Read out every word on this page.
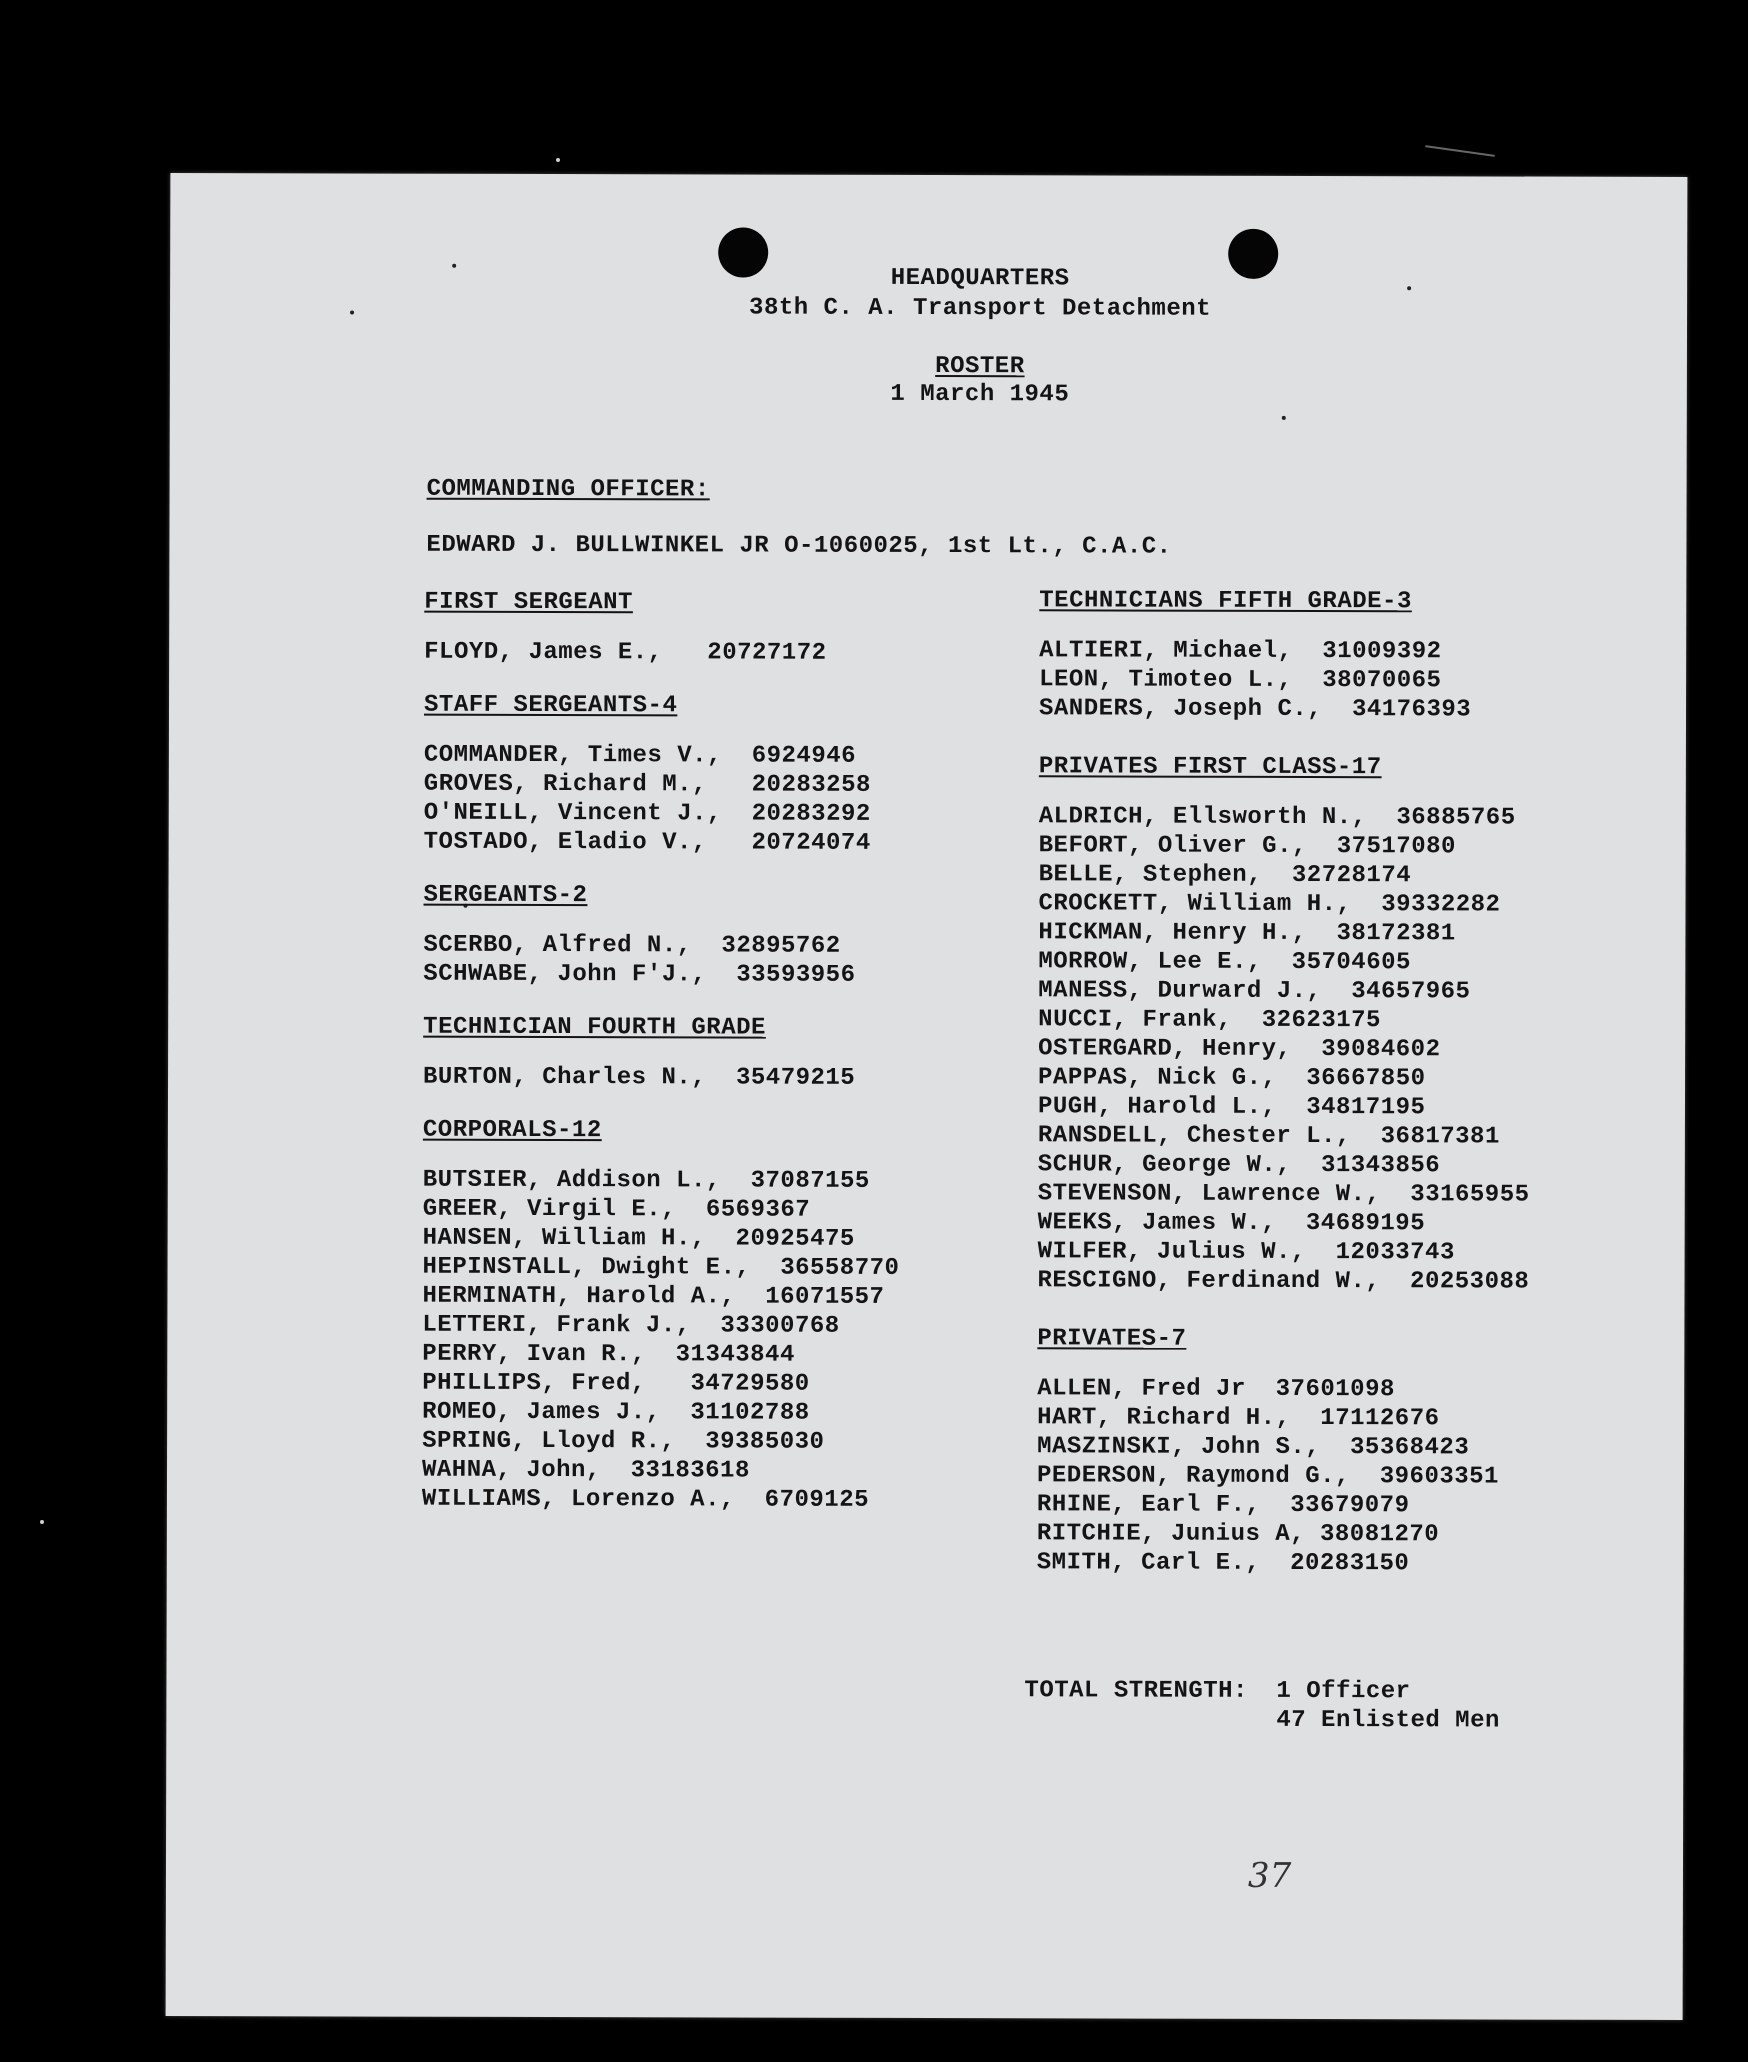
HEADQUARTERS
38th C. A. Transport Detachment
ROSTER
1 March 1945
COMMANDING OFFICER:
EDWARD J. BULLWINKEL JR O-1060025, 1st Lt., C.A.C.
FIRST SERGEANT
FLOYD, James E.,   20727172
STAFF SERGEANTS-4
COMMANDER, Times V.,  6924946
GROVES, Richard M.,   20283258
O'NEILL, Vincent J.,  20283292
TOSTADO, Eladio V.,   20724074
SERGEANTS-2
SCERBO, Alfred N.,  32895762
SCHWABE, John F'J.,  33593956
TECHNICIAN FOURTH GRADE
BURTON, Charles N.,  35479215
CORPORALS-12
BUTSIER, Addison L.,  37087155
GREER, Virgil E.,  6569367
HANSEN, William H.,  20925475
HEPINSTALL, Dwight E.,  36558770
HERMINATH, Harold A.,  16071557
LETTERI, Frank J.,  33300768
PERRY, Ivan R.,  31343844
PHILLIPS, Fred,   34729580
ROMEO, James J.,  31102788
SPRING, Lloyd R.,  39385030
WAHNA, John,  33183618
WILLIAMS, Lorenzo A.,  6709125
TECHNICIANS FIFTH GRADE-3
ALTIERI, Michael,  31009392
LEON, Timoteo L.,  38070065
SANDERS, Joseph C.,  34176393
PRIVATES FIRST CLASS-17
ALDRICH, Ellsworth N.,  36885765
BEFORT, Oliver G.,  37517080
BELLE, Stephen,  32728174
CROCKETT, William H.,  39332282
HICKMAN, Henry H.,  38172381
MORROW, Lee E.,  35704605
MANESS, Durward J.,  34657965
NUCCI, Frank,  32623175
OSTERGARD, Henry,  39084602
PAPPAS, Nick G.,  36667850
PUGH, Harold L.,  34817195
RANSDELL, Chester L.,  36817381
SCHUR, George W.,  31343856
STEVENSON, Lawrence W.,  33165955
WEEKS, James W.,  34689195
WILFER, Julius W.,  12033743
RESCIGNO, Ferdinand W.,  20253088
PRIVATES-7
ALLEN, Fred Jr  37601098
HART, Richard H.,  17112676
MASZINSKI, John S.,  35368423
PEDERSON, Raymond G.,  39603351
RHINE, Earl F.,  33679079
RITCHIE, Junius A, 38081270
SMITH, Carl E.,  20283150
TOTAL STRENGTH: 1 Officer
47 Enlisted Men
37
